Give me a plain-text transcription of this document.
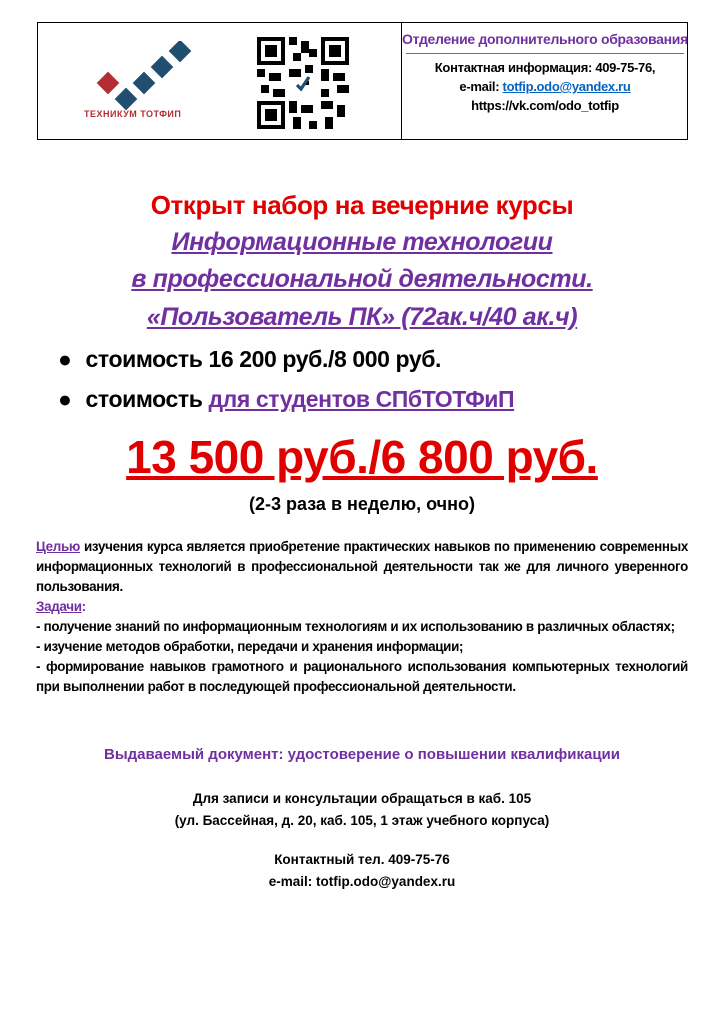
ТЕХНИКУМ ТОТФИП
Отделение дополнительного образования
Контактная информация: 409-75-76,
e-mail: totfip.odo@yandex.ru
https://vk.com/odo_totfip
Открыт набор на вечерние курсы
Информационные технологии
в профессиональной деятельности.
«Пользователь ПК» (72ак.ч/40 ак.ч)
● стоимость 16 200 руб./8 000 руб.
● стоимость для студентов СПбТОТФиП
13 500 руб./6 800 руб.
(2-3 раза в неделю, очно)

Целью изучения курса является приобретение практических навыков по применению современных информационных технологий в профессиональной деятельности так же для личного уверенного пользования.

Задачи:

- получение знаний по информационным технологиям и их использованию в различных областях;

- изучение методов обработки, передачи и хранения информации;

- формирование навыков грамотного и рационального использования компьютерных технологий при выполнении работ в последующей профессиональной деятельности.

Выдаваемый документ: удостоверение о повышении квалификации
Для записи и консультации обращаться в каб. 105
(ул. Бассейная, д. 20, каб. 105, 1 этаж учебного корпуса)
Контактный тел. 409-75-76
e-mail: totfip.odo@yandex.ru
